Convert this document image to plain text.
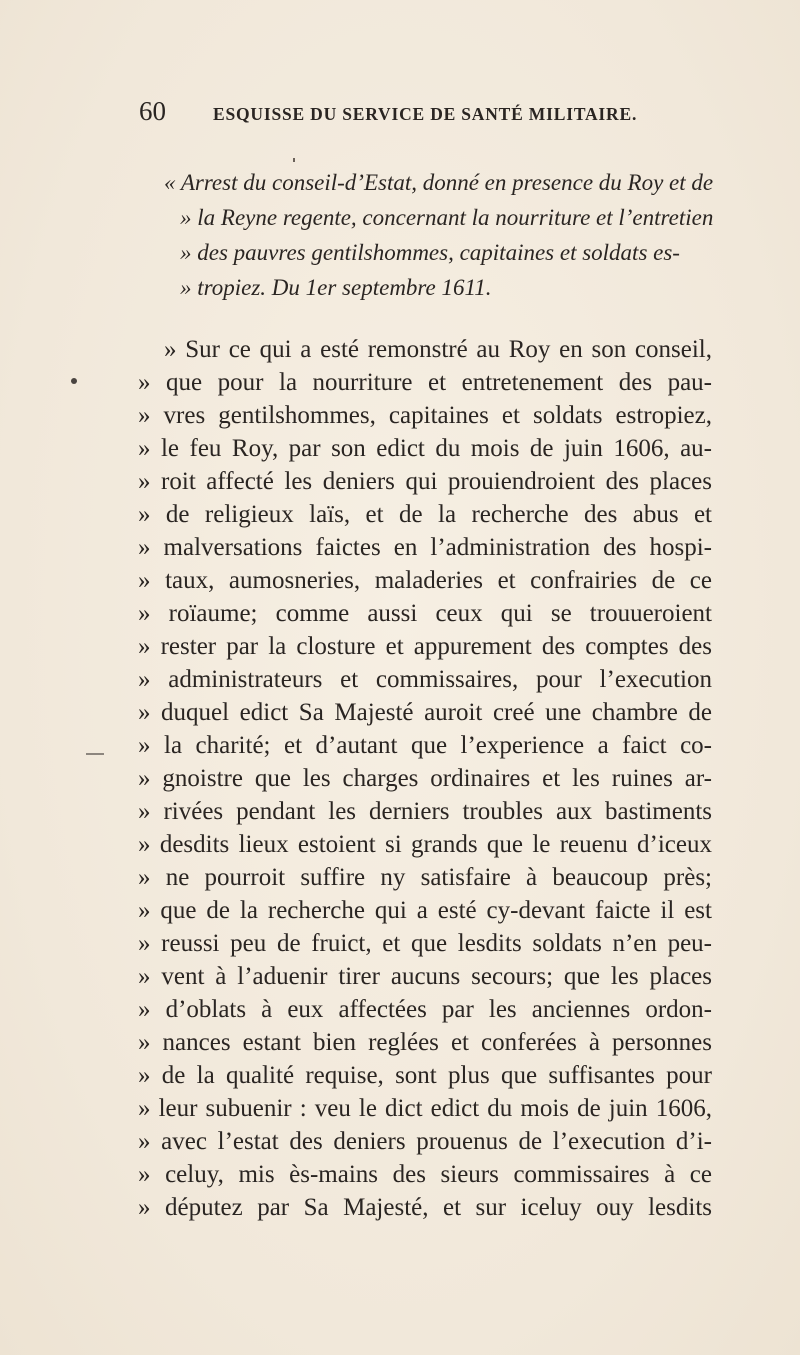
60	ESQUISSE DU SERVICE DE SANTÉ MILITAIRE.
« Arrest du conseil-d’Estat, donné en presence du Roy et de
» la Reyne regente, concernant la nourriture et l’entretien
» des pauvres gentilshommes, capitaines et soldats es-
» tropiez. Du 1er septembre 1611.
» Sur ce qui a esté remonstré au Roy en son conseil,
» que pour la nourriture et entretenement des pau-
» vres gentilshommes, capitaines et soldats estropiez,
» le feu Roy, par son edict du mois de juin 1606, au-
» roit affecté les deniers qui prouiendroient des places
» de religieux laïs, et de la recherche des abus et
» malversations faictes en l’administration des hospi-
» taux, aumosneries, maladeries et confrairies de ce
» roïaume; comme aussi ceux qui se trouueroient
» rester par la closture et appurement des comptes des
» administrateurs et commissaires, pour l’execution
» duquel edict Sa Majesté auroit creé une chambre de
» la charité; et d’autant que l’experience a faict co-
» gnoistre que les charges ordinaires et les ruines ar-
» rivées pendant les derniers troubles aux bastiments
» desdits lieux estoient si grands que le reuenu d’iceux
» ne pourroit suffire ny satisfaire à beaucoup près;
» que de la recherche qui a esté cy-devant faicte il est
» reussi peu de fruict, et que lesdits soldats n’en peu-
» vent à l’aduenir tirer aucuns secours; que les places
» d’oblats à eux affectées par les anciennes ordon-
» nances estant bien reglées et conferées à personnes
» de la qualité requise, sont plus que suffisantes pour
» leur subuenir : veu le dict edict du mois de juin 1606,
» avec l’estat des deniers prouenus de l’execution d’i-
» celuy, mis ès-mains des sieurs commissaires à ce
» députez par Sa Majesté, et sur iceluy ouy lesdits
